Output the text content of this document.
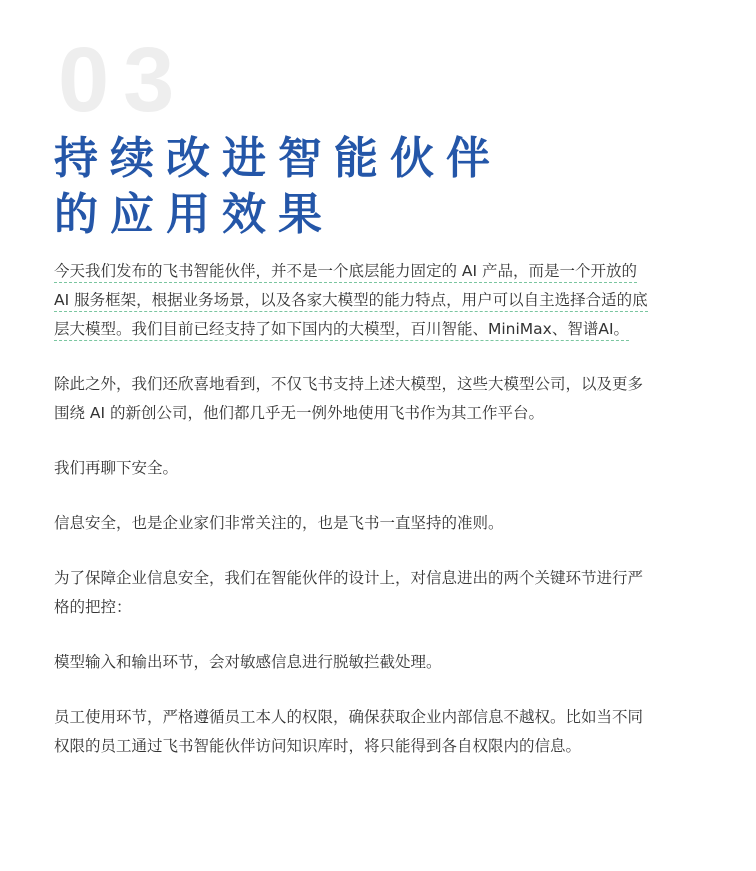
03
持续改进智能伙伴
的应用效果

今天我们发布的飞书智能伙伴，并不是一个底层能力固定的 AI 产品，而是一个开放的
AI 服务框架，根据业务场景，以及各家大模型的能力特点，用户可以自主选择合适的底
层大模型。我们目前已经支持了如下国内的大模型，百川智能、MiniMax、智谱AI。

除此之外，我们还欣喜地看到，不仅飞书支持上述大模型，这些大模型公司，以及更多
围绕 AI 的新创公司，他们都几乎无一例外地使用飞书作为其工作平台。

我们再聊下安全。

信息安全，也是企业家们非常关注的，也是飞书一直坚持的准则。

为了保障企业信息安全，我们在智能伙伴的设计上，对信息进出的两个关键环节进行严
格的把控：

模型输入和输出环节，会对敏感信息进行脱敏拦截处理。

员工使用环节，严格遵循员工本人的权限，确保获取企业内部信息不越权。比如当不同
权限的员工通过飞书智能伙伴访问知识库时，将只能得到各自权限内的信息。
